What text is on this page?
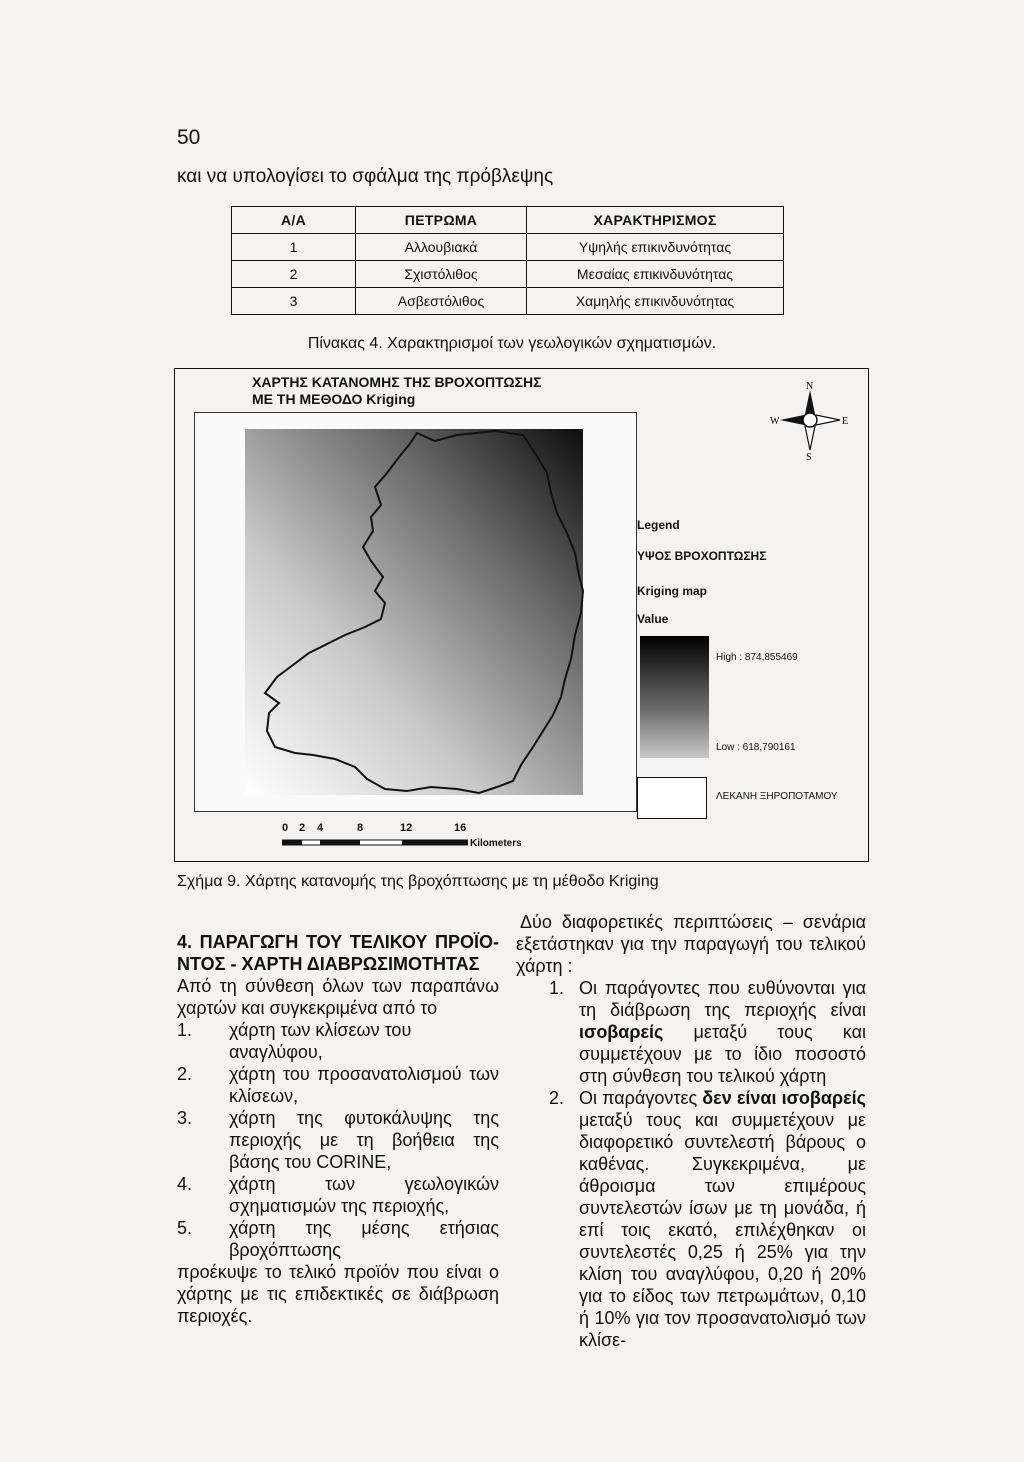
50
και να υπολογίσει το σφάλμα της πρόβλεψης
Α/Α	ΠΕΤΡΩΜΑ	ΧΑΡΑΚΤΗΡΙΣΜΟΣ
1	Αλλουβιακά	Υψηλής επικινδυνότητας
2	Σχιστόλιθος	Μεσαίας επικινδυνότητας
3	Ασβεστόλιθος	Χαμηλής επικινδυνότητας
Πίνακας 4. Χαρακτηρισμοί των γεωλογικών σχηματισμών.
ΧΑΡΤΗΣ ΚΑΤΑΝΟΜΗΣ ΤΗΣ ΒΡΟΧΟΠΤΩΣΗΣ
ΜΕ ΤΗ ΜΕΘΟΔΟ Kriging
N
S
W	E
Legend
ΥΨΟΣ ΒΡΟΧΟΠΤΩΣΗΣ
Kriging map
Value
High : 874,855469
Low : 618,790161
ΛΕΚΑΝΗ ΞΗΡΟΠΟΤΑΜΟΥ
0 2 4	8	12	16
Kilometers
Σχήμα 9. Χάρτης κατανομής της βροχόπτωσης με τη μέθοδο Kriging
4. ΠΑΡΑΓΩΓΗ ΤΟΥ ΤΕΛΙΚΟΥ ΠΡΟΪΟ-
ΝΤΟΣ - ΧΑΡΤΗ ΔΙΑΒΡΩΣΙΜΟΤΗΤΑΣ

Από τη σύνθεση όλων των παραπάνω χαρτών και συγκεκριμένα από το

1. χάρτη των κλίσεων του αναγλύφου,
2. χάρτη του προσανατολισμού των κλίσεων,
3. χάρτη της φυτοκάλυψης της περιοχής με τη βοήθεια της βάσης του CORINE,
4. χάρτη των γεωλογικών σχηματισμών της περιοχής,
5. χάρτη της μέσης ετήσιας βροχόπτωσης

προέκυψε το τελικό προϊόν που είναι ο χάρτης με τις επιδεκτικές σε διάβρωση περιοχές.

Δύο διαφορετικές περιπτώσεις – σενάρια εξετάστηκαν για την παραγωγή του τελικού χάρτη :

1. Οι παράγοντες που ευθύνονται για τη διάβρωση της περιοχής είναι ισοβαρείς μεταξύ τους και συμμετέχουν με το ίδιο ποσοστό στη σύνθεση του τελικού χάρτη
2. Οι παράγοντες δεν είναι ισοβαρείς μεταξύ τους και συμμετέχουν με διαφορετικό συντελεστή βάρους ο καθένας. Συγκεκριμένα, με άθροισμα των επιμέρους συντελεστών ίσων με τη μονάδα, ή επί τοις εκατό, επιλέχθηκαν οι συντελεστές 0,25 ή 25% για την κλίση του αναγλύφου, 0,20 ή 20% για το είδος των πετρωμάτων, 0,10 ή 10% για τον προσανατολισμό των κλίσε-
